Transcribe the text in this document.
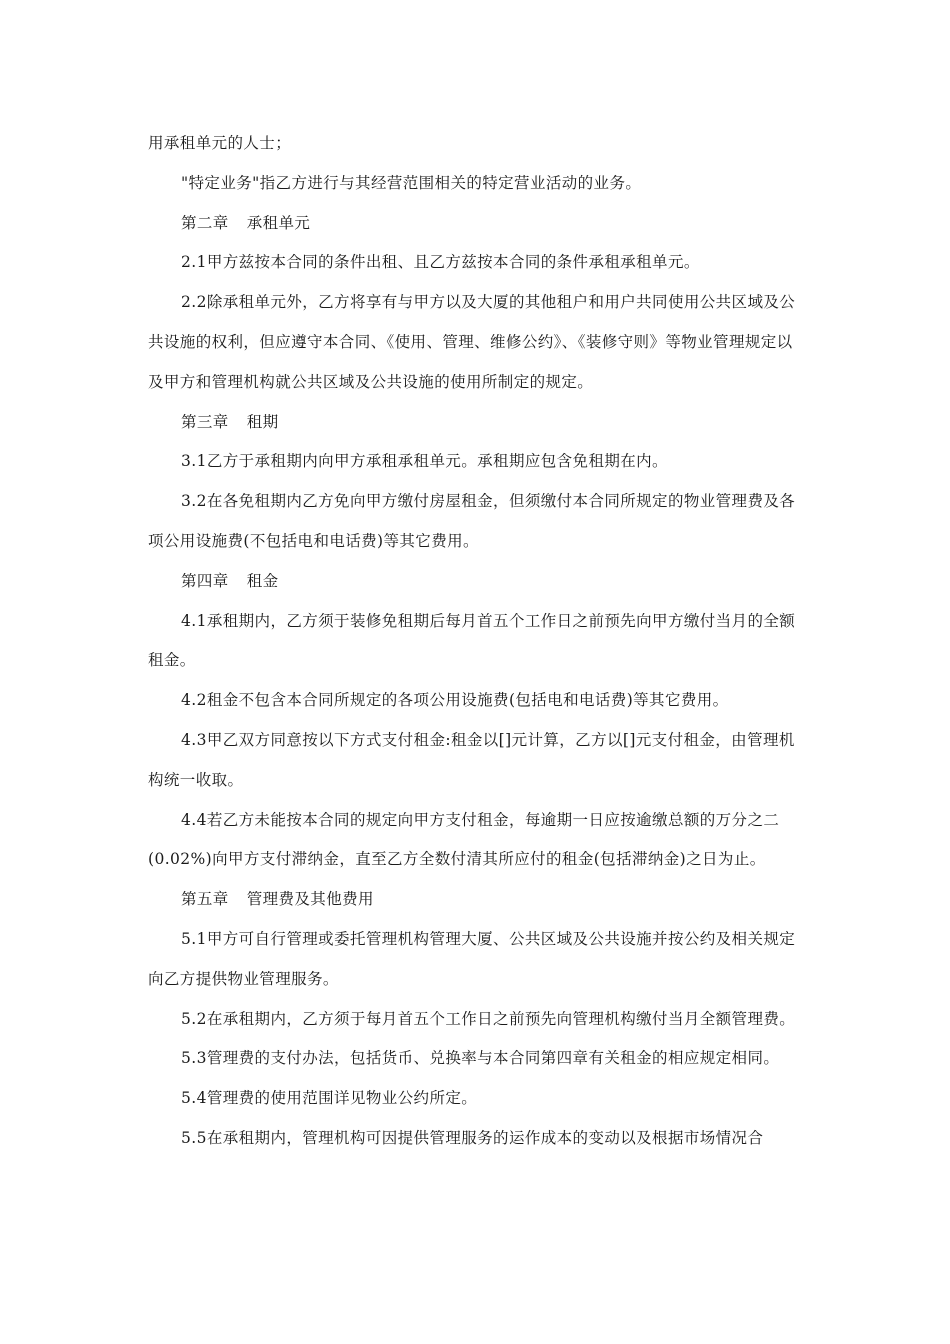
用承租单元的人士；

"特定业务"指乙方进行与其经营范围相关的特定营业活动的业务。

第二章 承租单元

2.1甲方兹按本合同的条件出租、且乙方兹按本合同的条件承租承租单元。

2.2除承租单元外，乙方将享有与甲方以及大厦的其他租户和用户共同使用公共区域及公共设施的权利，但应遵守本合同、《使用、管理、维修公约》、《装修守则》等物业管理规定以及甲方和管理机构就公共区域及公共设施的使用所制定的规定。

第三章 租期

3.1乙方于承租期内向甲方承租承租单元。承租期应包含免租期在内。

3.2在各免租期内乙方免向甲方缴付房屋租金，但须缴付本合同所规定的物业管理费及各项公用设施费(不包括电和电话费)等其它费用。

第四章 租金

4.1承租期内，乙方须于装修免租期后每月首五个工作日之前预先向甲方缴付当月的全额租金。

4.2租金不包含本合同所规定的各项公用设施费(包括电和电话费)等其它费用。

4.3甲乙双方同意按以下方式支付租金:租金以[]元计算，乙方以[]元支付租金，由管理机构统一收取。

4.4若乙方未能按本合同的规定向甲方支付租金，每逾期一日应按逾缴总额的万分之二(0.02%)向甲方支付滞纳金，直至乙方全数付清其所应付的租金(包括滞纳金)之日为止。

第五章 管理费及其他费用

5.1甲方可自行管理或委托管理机构管理大厦、公共区域及公共设施并按公约及相关规定向乙方提供物业管理服务。

5.2在承租期内，乙方须于每月首五个工作日之前预先向管理机构缴付当月全额管理费。

5.3管理费的支付办法，包括货币、兑换率与本合同第四章有关租金的相应规定相同。

5.4管理费的使用范围详见物业公约所定。

5.5在承租期内，管理机构可因提供管理服务的运作成本的变动以及根据市场情况合
